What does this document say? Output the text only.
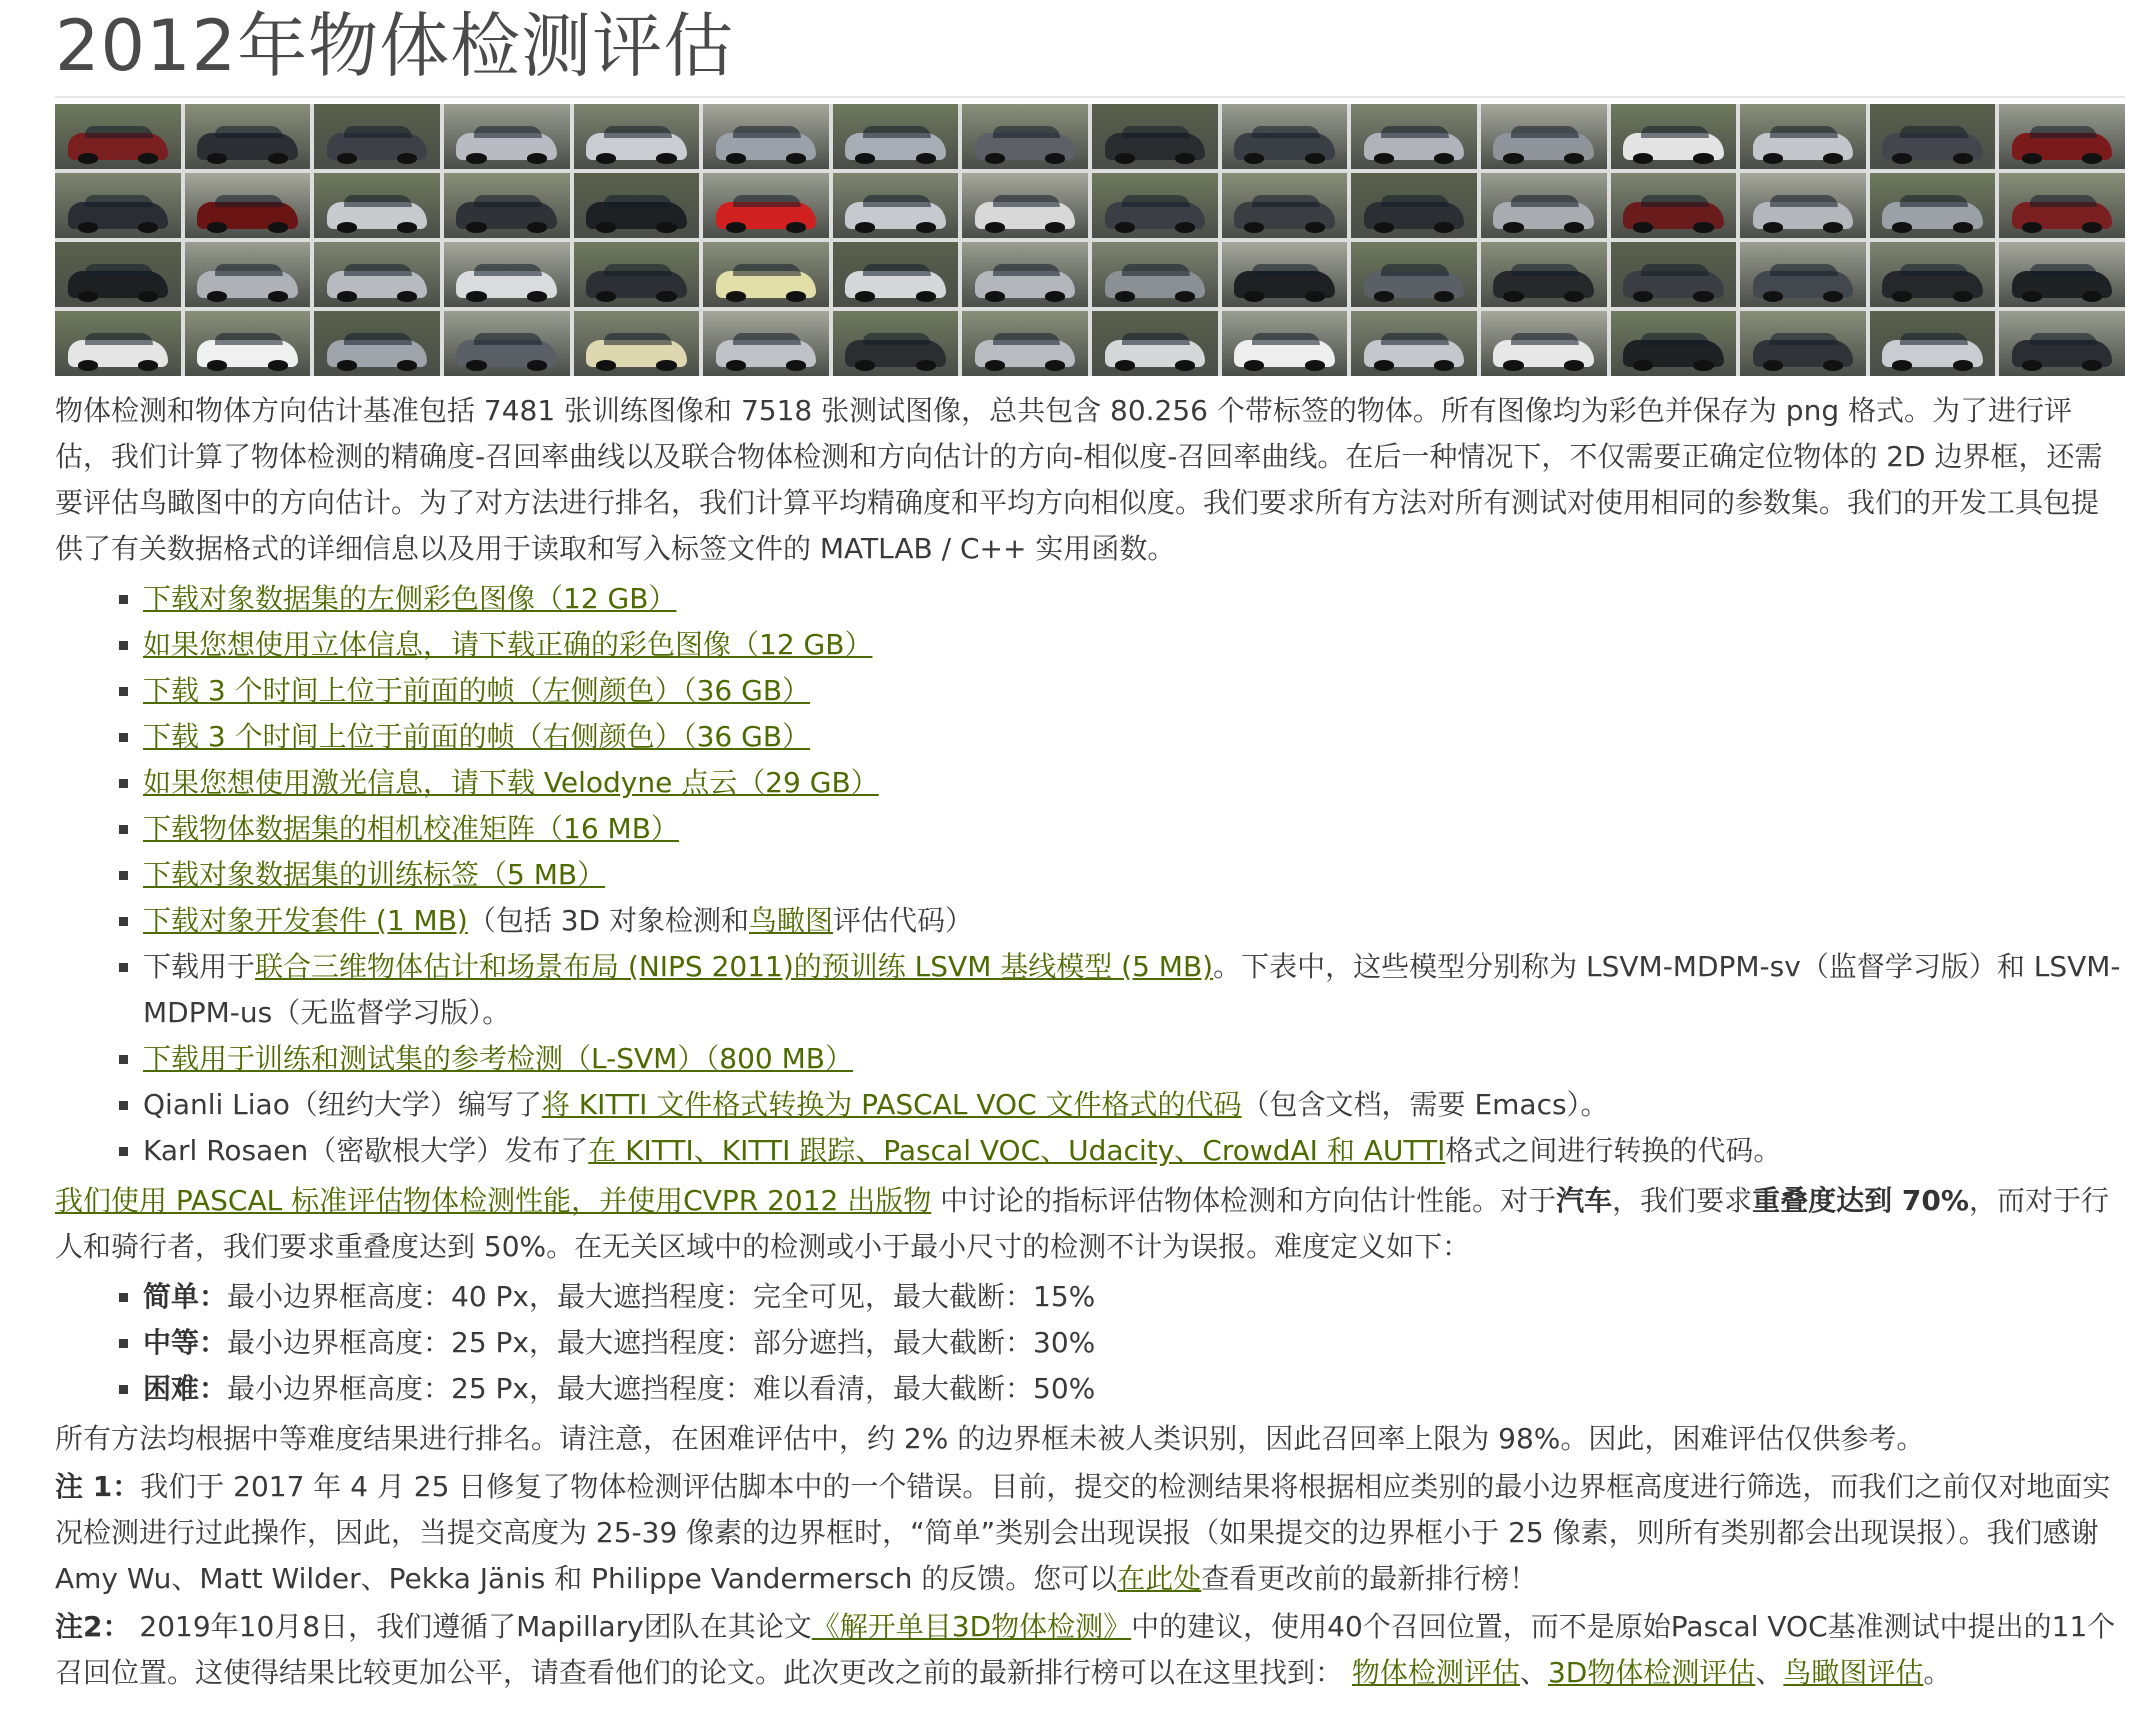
2012年物体检测评估

物体检测和物体方向估计基准包括 7481 张训练图像和 7518 张测试图像，总共包含 80.256 个带标签的物体。所有图像均为彩色并保存为 png 格式。为了进行评估，我们计算了物体检测的精确度-召回率曲线以及联合物体检测和方向估计的方向-相似度-召回率曲线。在后一种情况下，不仅需要正确定位物体的 2D 边界框，还需要评估鸟瞰图中的方向估计。为了对方法进行排名，我们计算平均精确度和平均方向相似度。我们要求所有方法对所有测试对使用相同的参数集。我们的开发工具包提供了有关数据格式的详细信息以及用于读取和写入标签文件的 MATLAB / C++ 实用函数。

▪ 下载对象数据集的左侧彩色图像（12 GB）
▪ 如果您想使用立体信息，请下载正确的彩色图像（12 GB）
▪ 下载 3 个时间上位于前面的帧（左侧颜色）（36 GB）
▪ 下载 3 个时间上位于前面的帧（右侧颜色）（36 GB）
▪ 如果您想使用激光信息，请下载 Velodyne 点云（29 GB）
▪ 下载物体数据集的相机校准矩阵（16 MB）
▪ 下载对象数据集的训练标签（5 MB）
▪ 下载对象开发套件 (1 MB)（包括 3D 对象检测和鸟瞰图评估代码）
▪ 下载用于联合三维物体估计和场景布局 (NIPS 2011)的预训练 LSVM 基线模型 (5 MB)。下表中，这些模型分别称为 LSVM-MDPM-sv（监督学习版）和 LSVM-MDPM-us（无监督学习版）。
▪ 下载用于训练和测试集的参考检测（L-SVM）（800 MB）
▪ Qianli Liao（纽约大学）编写了将 KITTI 文件格式转换为 PASCAL VOC 文件格式的代码（包含文档，需要 Emacs）。
▪ Karl Rosaen（密歇根大学）发布了在 KITTI、KITTI 跟踪、Pascal VOC、Udacity、CrowdAI 和 AUTTI格式之间进行转换的代码。

我们使用 PASCAL 标准评估物体检测性能，并使用CVPR 2012 出版物 中讨论的指标评估物体检测和方向估计性能。对于汽车，我们要求重叠度达到 70%，而对于行人和骑行者，我们要求重叠度达到 50%。在无关区域中的检测或小于最小尺寸的检测不计为误报。难度定义如下：

▪ 简单：最小边界框高度：40 Px，最大遮挡程度：完全可见，最大截断：15%
▪ 中等：最小边界框高度：25 Px，最大遮挡程度：部分遮挡，最大截断：30%
▪ 困难：最小边界框高度：25 Px，最大遮挡程度：难以看清，最大截断：50%

所有方法均根据中等难度结果进行排名。请注意，在困难评估中，约 2% 的边界框未被人类识别，因此召回率上限为 98%。因此，困难评估仅供参考。

注 1：我们于 2017 年 4 月 25 日修复了物体检测评估脚本中的一个错误。目前，提交的检测结果将根据相应类别的最小边界框高度进行筛选，而我们之前仅对地面实况检测进行过此操作，因此，当提交高度为 25-39 像素的边界框时，“简单”类别会出现误报（如果提交的边界框小于 25 像素，则所有类别都会出现误报）。我们感谢 Amy Wu、Matt Wilder、Pekka Jänis 和 Philippe Vandermersch 的反馈。您可以在此处查看更改前的最新排行榜！

注2： 2019年10月8日，我们遵循了Mapillary团队在其论文《解开单目3D物体检测》中的建议，使用40个召回位置，而不是原始Pascal VOC基准测试中提出的11个召回位置。这使得结果比较更加公平，请查看他们的论文。此次更改之前的最新排行榜可以在这里找到： 物体检测评估、3D物体检测评估、鸟瞰图评估。
